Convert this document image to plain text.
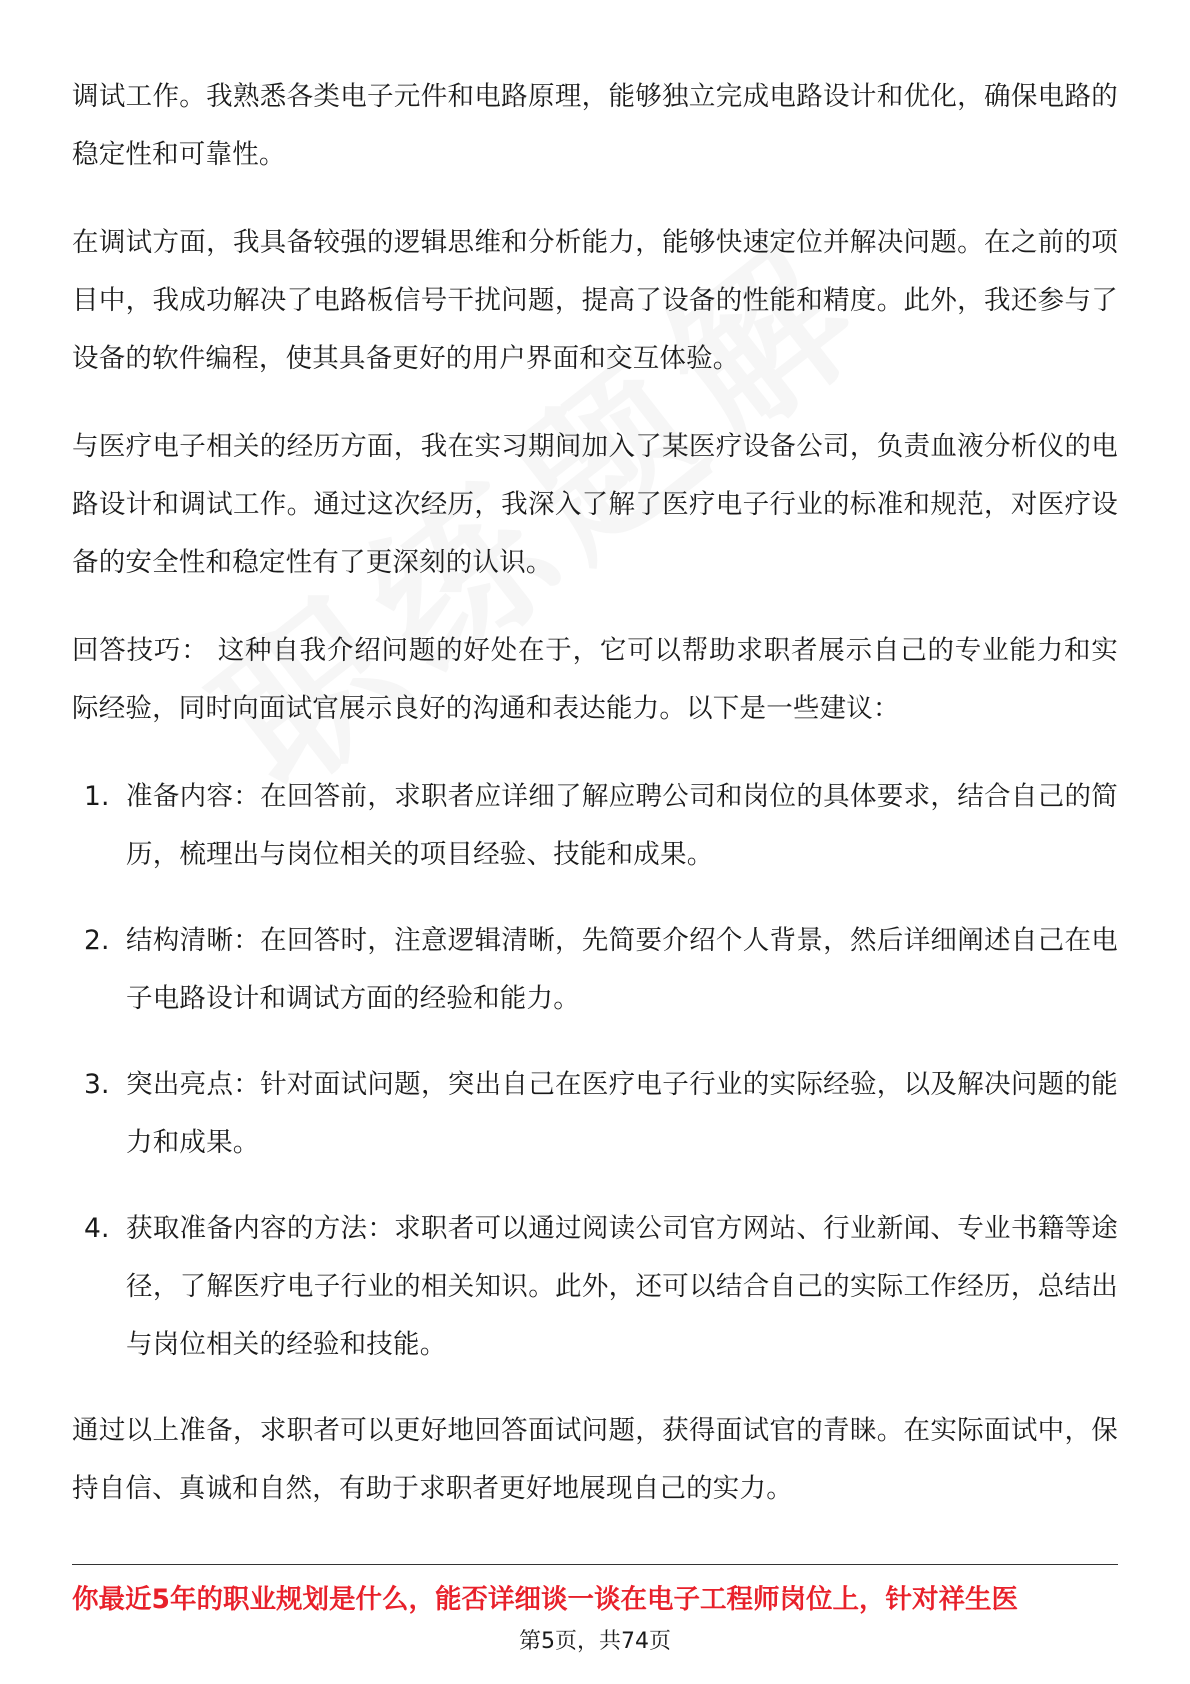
调试工作。我熟悉各类电子元件和电路原理，能够独立完成电路设计和优化，确保电路的稳定性和可靠性。

在调试方面，我具备较强的逻辑思维和分析能力，能够快速定位并解决问题。在之前的项目中，我成功解决了电路板信号干扰问题，提高了设备的性能和精度。此外，我还参与了设备的软件编程，使其具备更好的用户界面和交互体验。

与医疗电子相关的经历方面，我在实习期间加入了某医疗设备公司，负责血液分析仪的电路设计和调试工作。通过这次经历，我深入了解了医疗电子行业的标准和规范，对医疗设备的安全性和稳定性有了更深刻的认识。

回答技巧： 这种自我介绍问题的好处在于，它可以帮助求职者展示自己的专业能力和实际经验，同时向面试官展示良好的沟通和表达能力。以下是一些建议：

1. 准备内容：在回答前，求职者应详细了解应聘公司和岗位的具体要求，结合自己的简历，梳理出与岗位相关的项目经验、技能和成果。
2. 结构清晰：在回答时，注意逻辑清晰，先简要介绍个人背景，然后详细阐述自己在电子电路设计和调试方面的经验和能力。
3. 突出亮点：针对面试问题，突出自己在医疗电子行业的实际经验，以及解决问题的能力和成果。
4. 获取准备内容的方法：求职者可以通过阅读公司官方网站、行业新闻、专业书籍等途径，了解医疗电子行业的相关知识。此外，还可以结合自己的实际工作经历，总结出与岗位相关的经验和技能。

通过以上准备，求职者可以更好地回答面试问题，获得面试官的青睐。在实际面试中，保持自信、真诚和自然，有助于求职者更好地展现自己的实力。

你最近5年的职业规划是什么，能否详细谈一谈在电子工程师岗位上，针对祥生医
第5页，共74页
